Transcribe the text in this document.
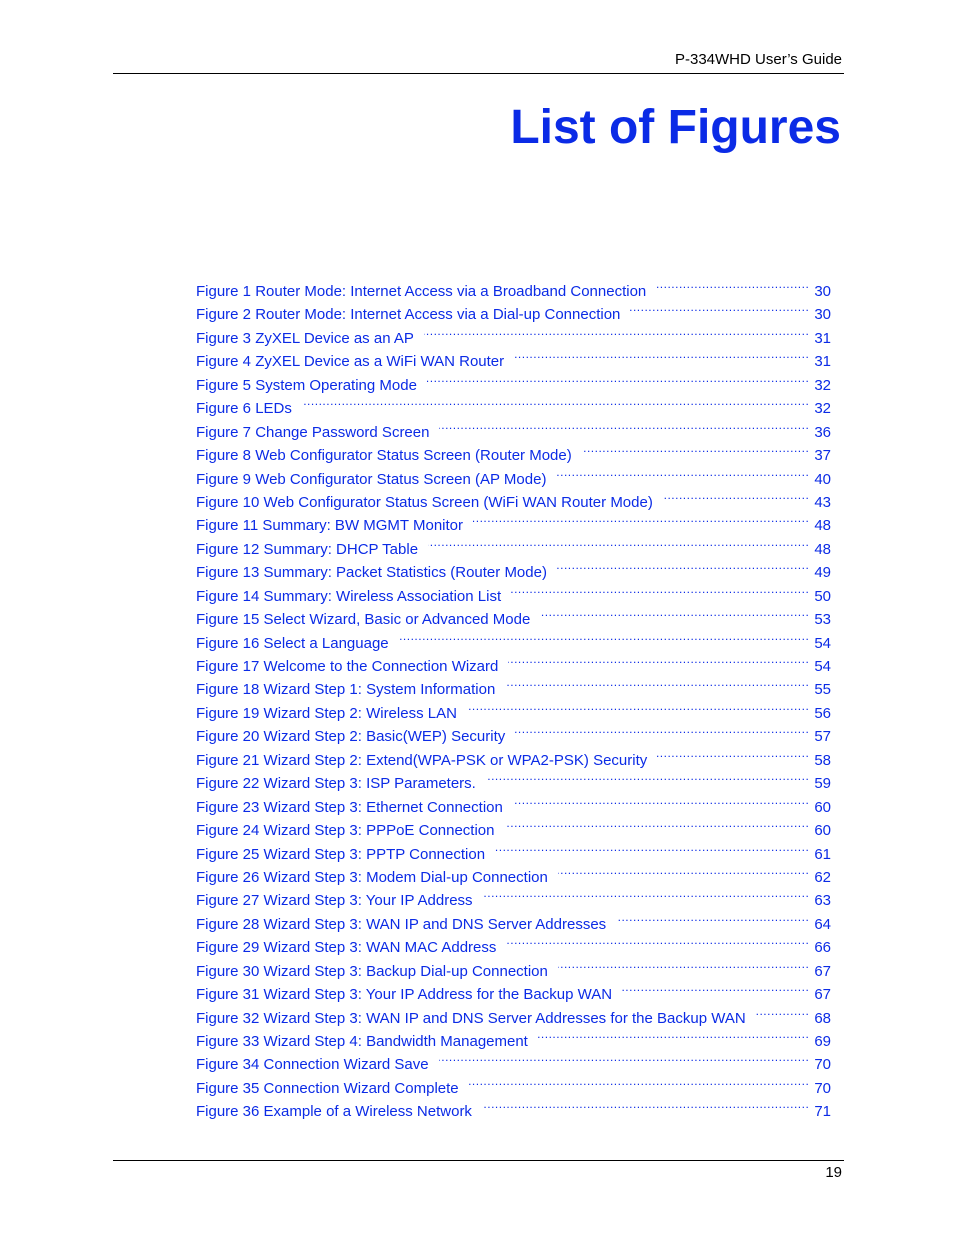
P-334WHD User’s Guide
List of Figures
Figure 1 Router Mode: Internet Access via a Broadband Connection .....	30
Figure 2 Router Mode: Internet Access via a Dial-up Connection .....	30
Figure 3 ZyXEL Device as an AP .....	31
Figure 4 ZyXEL Device as a WiFi WAN Router .....	31
Figure 5 System Operating Mode .....	32
Figure 6 LEDs .....	32
Figure 7 Change Password Screen .....	36
Figure 8 Web Configurator Status Screen (Router Mode) .....	37
Figure 9 Web Configurator Status Screen (AP Mode) .....	40
Figure 10 Web Configurator Status Screen (WiFi WAN Router Mode) .....	43
Figure 11 Summary: BW MGMT Monitor .....	48
Figure 12 Summary: DHCP Table .....	48
Figure 13 Summary: Packet Statistics (Router Mode) .....	49
Figure 14 Summary: Wireless Association List .....	50
Figure 15 Select Wizard, Basic or Advanced Mode .....	53
Figure 16 Select a Language .....	54
Figure 17 Welcome to the Connection Wizard .....	54
Figure 18 Wizard Step 1: System Information .....	55
Figure 19 Wizard Step 2: Wireless LAN .....	56
Figure 20 Wizard Step 2: Basic(WEP) Security .....	57
Figure 21 Wizard Step 2: Extend(WPA-PSK or WPA2-PSK) Security .....	58
Figure 22 Wizard Step 3: ISP Parameters. .....	59
Figure 23 Wizard Step 3: Ethernet Connection .....	60
Figure 24 Wizard Step 3: PPPoE Connection .....	60
Figure 25 Wizard Step 3: PPTP Connection .....	61
Figure 26 Wizard Step 3: Modem Dial-up Connection .....	62
Figure 27 Wizard Step 3: Your IP Address .....	63
Figure 28 Wizard Step 3: WAN IP and DNS Server Addresses .....	64
Figure 29 Wizard Step 3: WAN MAC Address .....	66
Figure 30 Wizard Step 3: Backup Dial-up Connection .....	67
Figure 31 Wizard Step 3: Your IP Address for the Backup WAN .....	67
Figure 32 Wizard Step 3: WAN IP and DNS Server Addresses for the Backup WAN .....	68
Figure 33 Wizard Step 4: Bandwidth Management .....	69
Figure 34 Connection Wizard Save .....	70
Figure 35 Connection Wizard Complete .....	70
Figure 36 Example of a Wireless Network .....	71
19
